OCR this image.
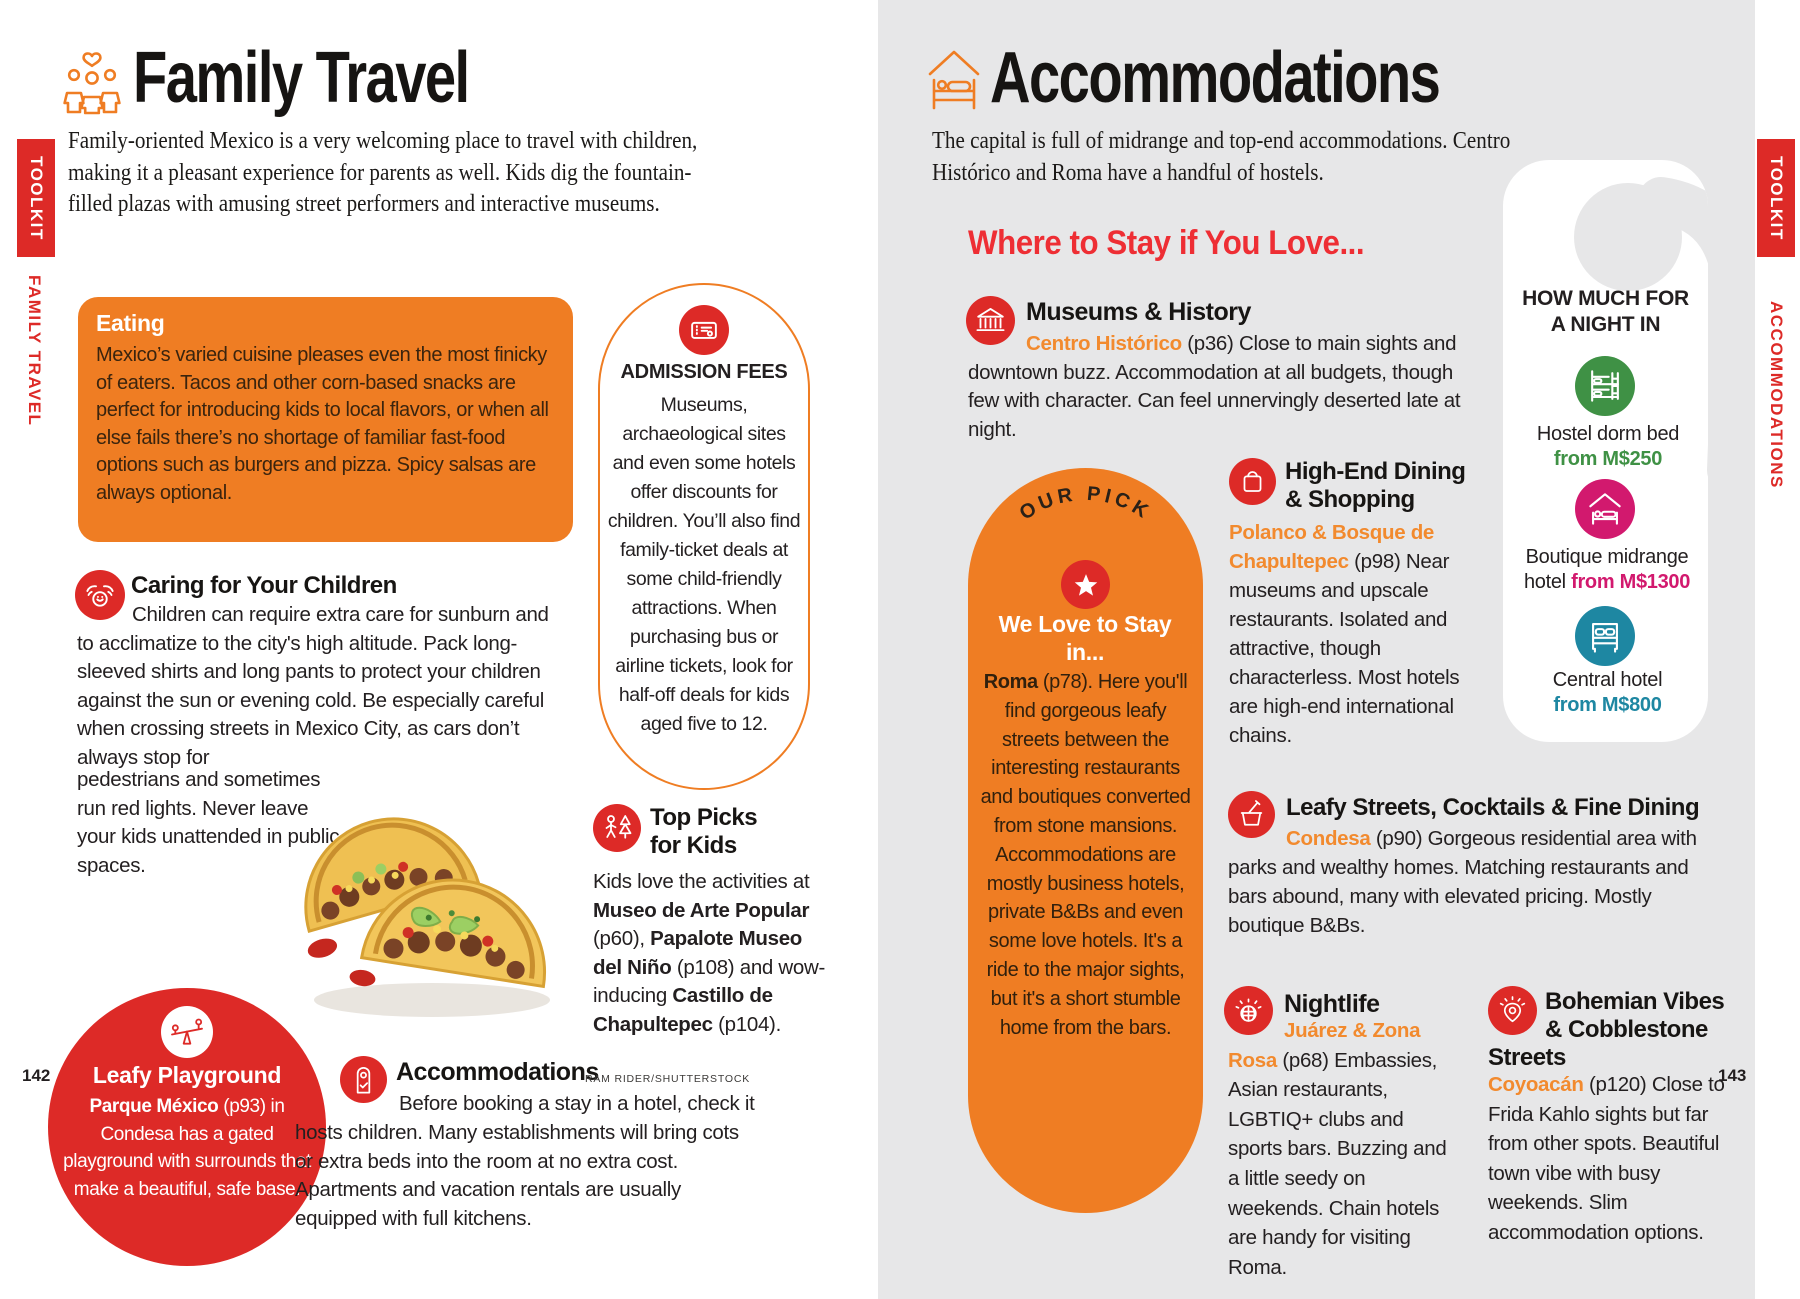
TOOLKIT
FAMILY TRAVEL
Family Travel
Family-oriented Mexico is a very welcoming place to travel with children, making it a pleasant experience for parents as well. Kids dig the fountain-filled plazas with amusing street performers and interactive museums.
Eating
Mexico’s varied cuisine pleases even the most finicky of eaters. Tacos and other corn-based snacks are perfect for introducing kids to local flavors, or when all else fails there’s no shortage of familiar fast-food options such as burgers and pizza. Spicy salsas are always optional.
Caring for Your Children
Children can require extra care for sunburn and to acclimatize to the city's high altitude. Pack long-sleeved shirts and long pants to protect your children against the sun or evening cold. Be especially careful when crossing streets in Mexico City, as cars don’t always stop for
pedestrians and sometimes run red lights. Never leave your kids unattended in public spaces.
ADMISSION FEES
Museums, archaeological sites and even some hotels offer discounts for children. You’ll also find family-ticket deals at some child-friendly attractions. When purchasing bus or airline tickets, look for half-off deals for kids aged five to 12.
Top Picks
for Kids
Kids love the activities at Museo de Arte Popular (p60), Papalote Museo del Niño (p108) and wow-inducing Castillo de Chapultepec (p104).
Leafy Playground
Parque México (p93) in Condesa has a gated playground with surrounds that make a beautiful, safe base.
Accommodations
Before booking a stay in a hotel, check it hosts children. Many establishments will bring cots or extra beds into the room at no extra cost. Apartments and vacation rentals are usually equipped with full kitchens.
142	RAM RIDER/SHUTTERSTOCK
Accommodations
The capital is full of midrange and top-end accommodations. Centro Histórico and Roma have a handful of hostels.
Where to Stay if You Love...
Museums & History
Centro Histórico (p36) Close to main sights and downtown buzz. Accommodation at all budgets, though few with character. Can feel unnervingly deserted late at night.
High-End Dining
& Shopping
Polanco & Bosque de Chapultepec (p98) Near museums and upscale restaurants. Isolated and attractive, though characterless. Most hotels are high-end international chains.
OUR PICK
We Love to Stay in...
Roma (p78). Here you'll find gorgeous leafy streets between the interesting restaurants and boutiques converted from stone mansions. Accommodations are mostly business hotels, private B&Bs and even some love hotels. It's a ride to the major sights, but it's a short stumble home from the bars.
HOW MUCH FOR
A NIGHT IN
Hostel dorm bed from M$250
Boutique midrange hotel from M$1300
Central hotel from M$800
Leafy Streets, Cocktails & Fine Dining
Condesa (p90) Gorgeous residential area with parks and wealthy homes. Matching restaurants and bars abound, many with elevated pricing. Mostly boutique B&Bs.
Nightlife
Juárez & Zona Rosa (p68) Embassies, Asian restaurants, LGBTIQ+ clubs and sports bars. Buzzing and a little seedy on weekends. Chain hotels are handy for visiting Roma.
Bohemian Vibes
& Cobblestone
Streets
Coyoacán (p120) Close to Frida Kahlo sights but far from other spots. Beautiful town vibe with busy weekends. Slim accommodation options.
TOOLKIT
ACCOMMODATIONS
143
